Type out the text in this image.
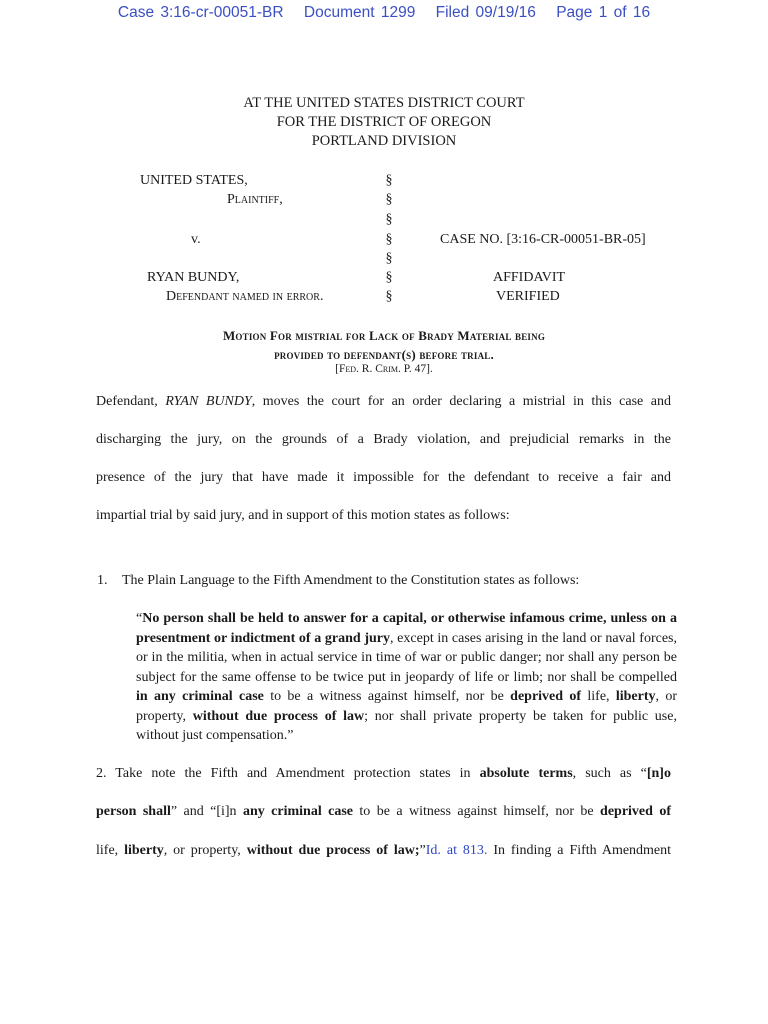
Case 3:16-cr-00051-BR Document 1299 Filed 09/19/16 Page 1 of 16
AT THE UNITED STATES DISTRICT COURT
FOR THE DISTRICT OF OREGON
PORTLAND DIVISION
UNITED STATES,
Plaintiff,
v.
RYAN BUNDY,
Defendant named in error.
§
§
§
§
§
§
§
CASE NO. [3:16-CR-00051-BR-05]
AFFIDAVIT
VERIFIED
Motion For mistrial for Lack of Brady Material being
provided to defendant(s) before trial.
[Fed. R. Crim. P. 47].
Defendant, RYAN BUNDY, moves the court for an order declaring a mistrial in this case and
discharging the jury, on the grounds of a Brady violation, and prejudicial remarks in the
presence of the jury that have made it impossible for the defendant to receive a fair and
impartial trial by said jury, and in support of this motion states as follows:
1. The Plain Language to the Fifth Amendment to the Constitution states as follows:
“No person shall be held to answer for a capital, or otherwise infamous crime, unless on a presentment or indictment of a grand jury, except in cases arising in the land or naval forces, or in the militia, when in actual service in time of war or public danger; nor shall any person be subject for the same offense to be twice put in jeopardy of life or limb; nor shall be compelled in any criminal case to be a witness against himself, nor be deprived of life, liberty, or property, without due process of law; nor shall private property be taken for public use, without just compensation.”
2. Take note the Fifth and Amendment protection states in absolute terms, such as “[n]o
person shall” and “[i]n any criminal case to be a witness against himself, nor be deprived of
life, liberty, or property, without due process of law;”Id. at 813. In finding a Fifth Amendment
